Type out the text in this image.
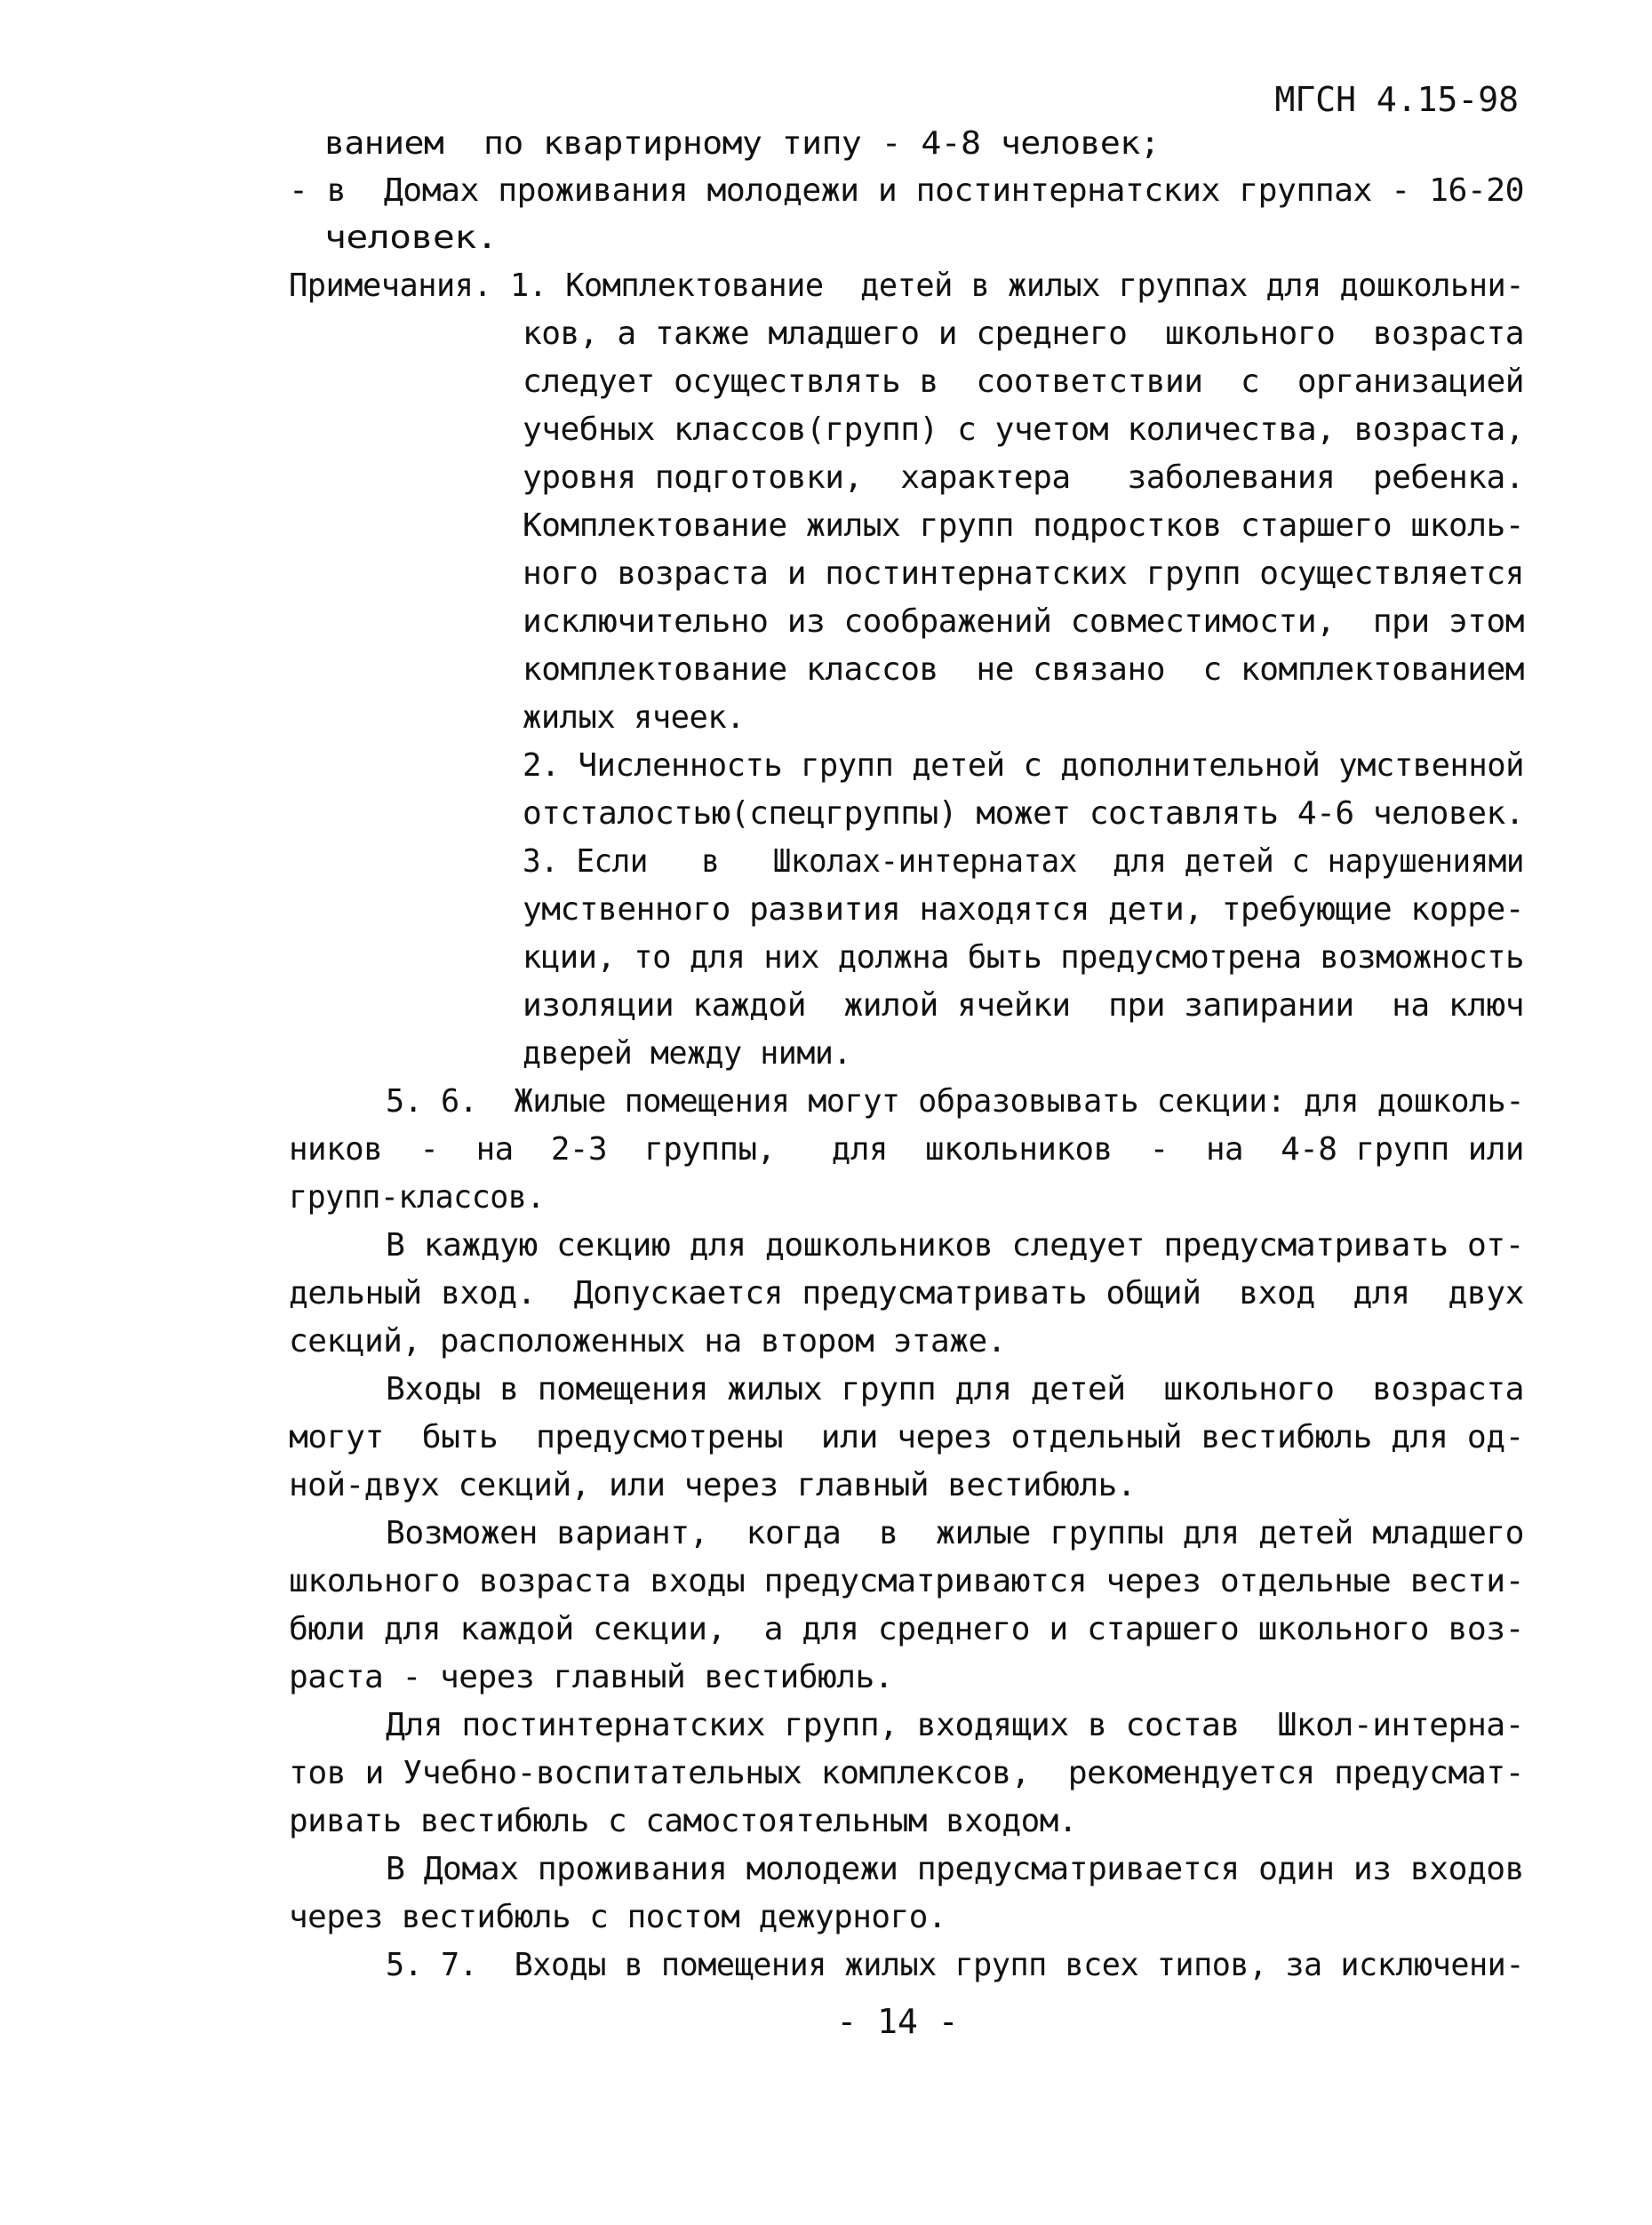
МГСН 4.15-98
ванием  по квартирному типу - 4-8 человек;
- в  Домах проживания молодежи и постинтернатских группах - 16-20
человек.
Примечания. 1. Комплектование  детей в жилых группах для дошкольни-
ков, а также младшего и среднего  школьного  возраста
следует осуществлять в  соответствии  с  организацией
учебных классов(групп) с учетом количества, возраста,
уровня подготовки,  характера   заболевания  ребенка.
Комплектование жилых групп подростков старшего школь-
ного возраста и постинтернатских групп осуществляется
исключительно из соображений совместимости,  при этом
комплектование классов  не связано  с комплектованием
жилых ячеек.
2. Численность групп детей с дополнительной умственной
отсталостью(спецгруппы) может составлять 4-6 человек.
3. Если   в   Школах-интернатах  для детей с нарушениями
умственного развития находятся дети, требующие корре-
кции, то для них должна быть предусмотрена возможность
изоляции каждой  жилой ячейки  при запирании  на ключ
дверей между ними.
5. 6.  Жилые помещения могут образовывать секции: для дошколь-
ников  -  на  2-3  группы,   для  школьников  -  на  4-8 групп или
групп-классов.
В каждую секцию для дошкольников следует предусматривать от-
дельный вход.  Допускается предусматривать общий  вход  для  двух
секций, расположенных на втором этаже.
Входы в помещения жилых групп для детей  школьного  возраста
могут  быть  предусмотрены  или через отдельный вестибюль для од-
ной-двух секций, или через главный вестибюль.
Возможен вариант,  когда  в  жилые группы для детей младшего
школьного возраста входы предусматриваются через отдельные вести-
бюли для каждой секции,  а для среднего и старшего школьного воз-
раста - через главный вестибюль.
Для постинтернатских групп, входящих в состав  Школ-интерна-
тов и Учебно-воспитательных комплексов,  рекомендуется предусмат-
ривать вестибюль с самостоятельным входом.
В Домах проживания молодежи предусматривается один из входов
через вестибюль с постом дежурного.
5. 7.  Входы в помещения жилых групп всех типов, за исключени-
- 14 -
